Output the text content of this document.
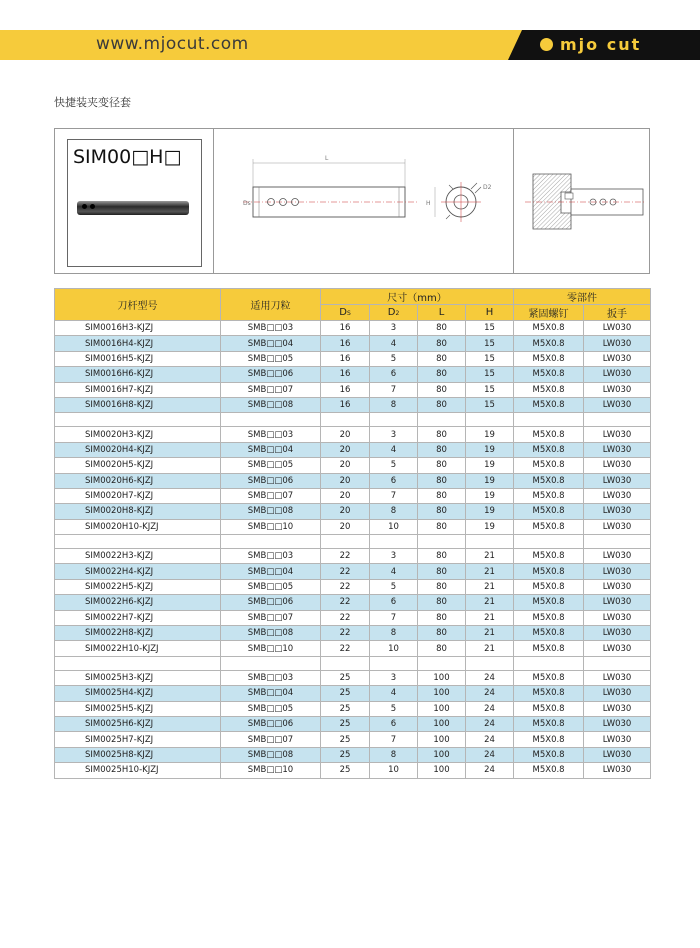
www.mjocut.com	mjo cut
快捷装夹变径套
SIM00□H□	L
Ds	H
D2
刀杆型号	适用刀粒	尺寸（mm）				零部件	
		DS	D2	L	H	紧固螺钉	扳手
SIM0016H3-KJZJ	SMB□□03	16	3	80	15	M5X0.8	LW030
SIM0016H4-KJZJ	SMB□□04	16	4	80	15	M5X0.8	LW030
SIM0016H5-KJZJ	SMB□□05	16	5	80	15	M5X0.8	LW030
SIM0016H6-KJZJ	SMB□□06	16	6	80	15	M5X0.8	LW030
SIM0016H7-KJZJ	SMB□□07	16	7	80	15	M5X0.8	LW030
SIM0016H8-KJZJ	SMB□□08	16	8	80	15	M5X0.8	LW030

SIM0020H3-KJZJ	SMB□□03	20	3	80	19	M5X0.8	LW030
SIM0020H4-KJZJ	SMB□□04	20	4	80	19	M5X0.8	LW030
SIM0020H5-KJZJ	SMB□□05	20	5	80	19	M5X0.8	LW030
SIM0020H6-KJZJ	SMB□□06	20	6	80	19	M5X0.8	LW030
SIM0020H7-KJZJ	SMB□□07	20	7	80	19	M5X0.8	LW030
SIM0020H8-KJZJ	SMB□□08	20	8	80	19	M5X0.8	LW030
SIM0020H10-KJZJ	SMB□□10	20	10	80	19	M5X0.8	LW030

SIM0022H3-KJZJ	SMB□□03	22	3	80	21	M5X0.8	LW030
SIM0022H4-KJZJ	SMB□□04	22	4	80	21	M5X0.8	LW030
SIM0022H5-KJZJ	SMB□□05	22	5	80	21	M5X0.8	LW030
SIM0022H6-KJZJ	SMB□□06	22	6	80	21	M5X0.8	LW030
SIM0022H7-KJZJ	SMB□□07	22	7	80	21	M5X0.8	LW030
SIM0022H8-KJZJ	SMB□□08	22	8	80	21	M5X0.8	LW030
SIM0022H10-KJZJ	SMB□□10	22	10	80	21	M5X0.8	LW030

SIM0025H3-KJZJ	SMB□□03	25	3	100	24	M5X0.8	LW030
SIM0025H4-KJZJ	SMB□□04	25	4	100	24	M5X0.8	LW030
SIM0025H5-KJZJ	SMB□□05	25	5	100	24	M5X0.8	LW030
SIM0025H6-KJZJ	SMB□□06	25	6	100	24	M5X0.8	LW030
SIM0025H7-KJZJ	SMB□□07	25	7	100	24	M5X0.8	LW030
SIM0025H8-KJZJ	SMB□□08	25	8	100	24	M5X0.8	LW030
SIM0025H10-KJZJ	SMB□□10	25	10	100	24	M5X0.8	LW030
